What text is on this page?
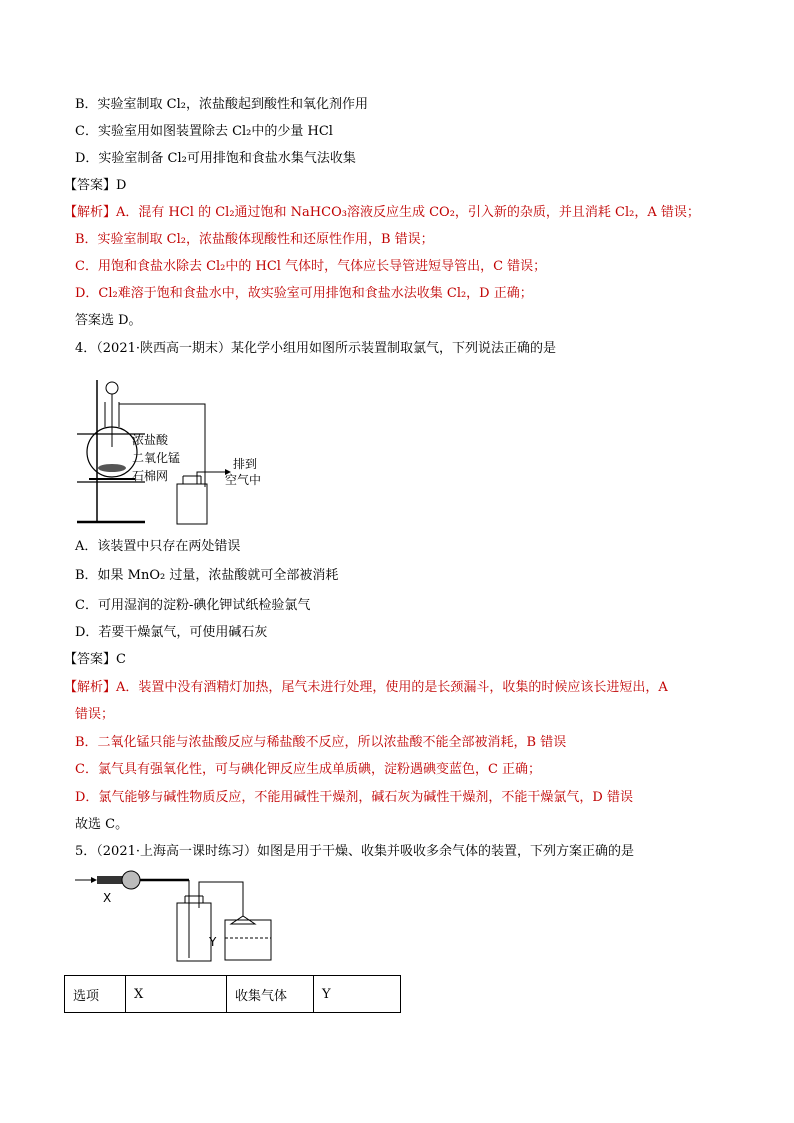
B．实验室制取 Cl₂，浓盐酸起到酸性和氧化剂作用
C．实验室用如图装置除去 Cl₂中的少量 HCl
D．实验室制备 Cl₂可用排饱和食盐水集气法收集
【答案】D
【解析】A．混有 HCl 的 Cl₂通过饱和 NaHCO₃溶液反应生成 CO₂，引入新的杂质，并且消耗 Cl₂，A 错误；
B．实验室制取 Cl₂，浓盐酸体现酸性和还原性作用，B 错误；
C．用饱和食盐水除去 Cl₂中的 HCl 气体时，气体应长导管进短导管出，C 错误；
D．Cl₂难溶于饱和食盐水中，故实验室可用排饱和食盐水法收集 Cl₂，D 正确；
答案选 D。
4．（2021·陕西高一期末）某化学小组用如图所示装置制取氯气，下列说法正确的是
浓盐酸
二氧化锰
石棉网
排到
空气中
A．该装置中只存在两处错误
B．如果 MnO₂ 过量，浓盐酸就可全部被消耗
C．可用湿润的淀粉-碘化钾试纸检验氯气
D．若要干燥氯气，可使用碱石灰
【答案】C
【解析】A．装置中没有酒精灯加热，尾气未进行处理，使用的是长颈漏斗，收集的时候应该长进短出，A
错误；
B．二氧化锰只能与浓盐酸反应与稀盐酸不反应，所以浓盐酸不能全部被消耗，B 错误
C．氯气具有强氧化性，可与碘化钾反应生成单质碘，淀粉遇碘变蓝色，C 正确；
D．氯气能够与碱性物质反应，不能用碱性干燥剂，碱石灰为碱性干燥剂，不能干燥氯气，D 错误
故选 C。
5．（2021·上海高一课时练习）如图是用于干燥、收集并吸收多余气体的装置，下列方案正确的是
X
Y
选项	X	收集气体	Y
